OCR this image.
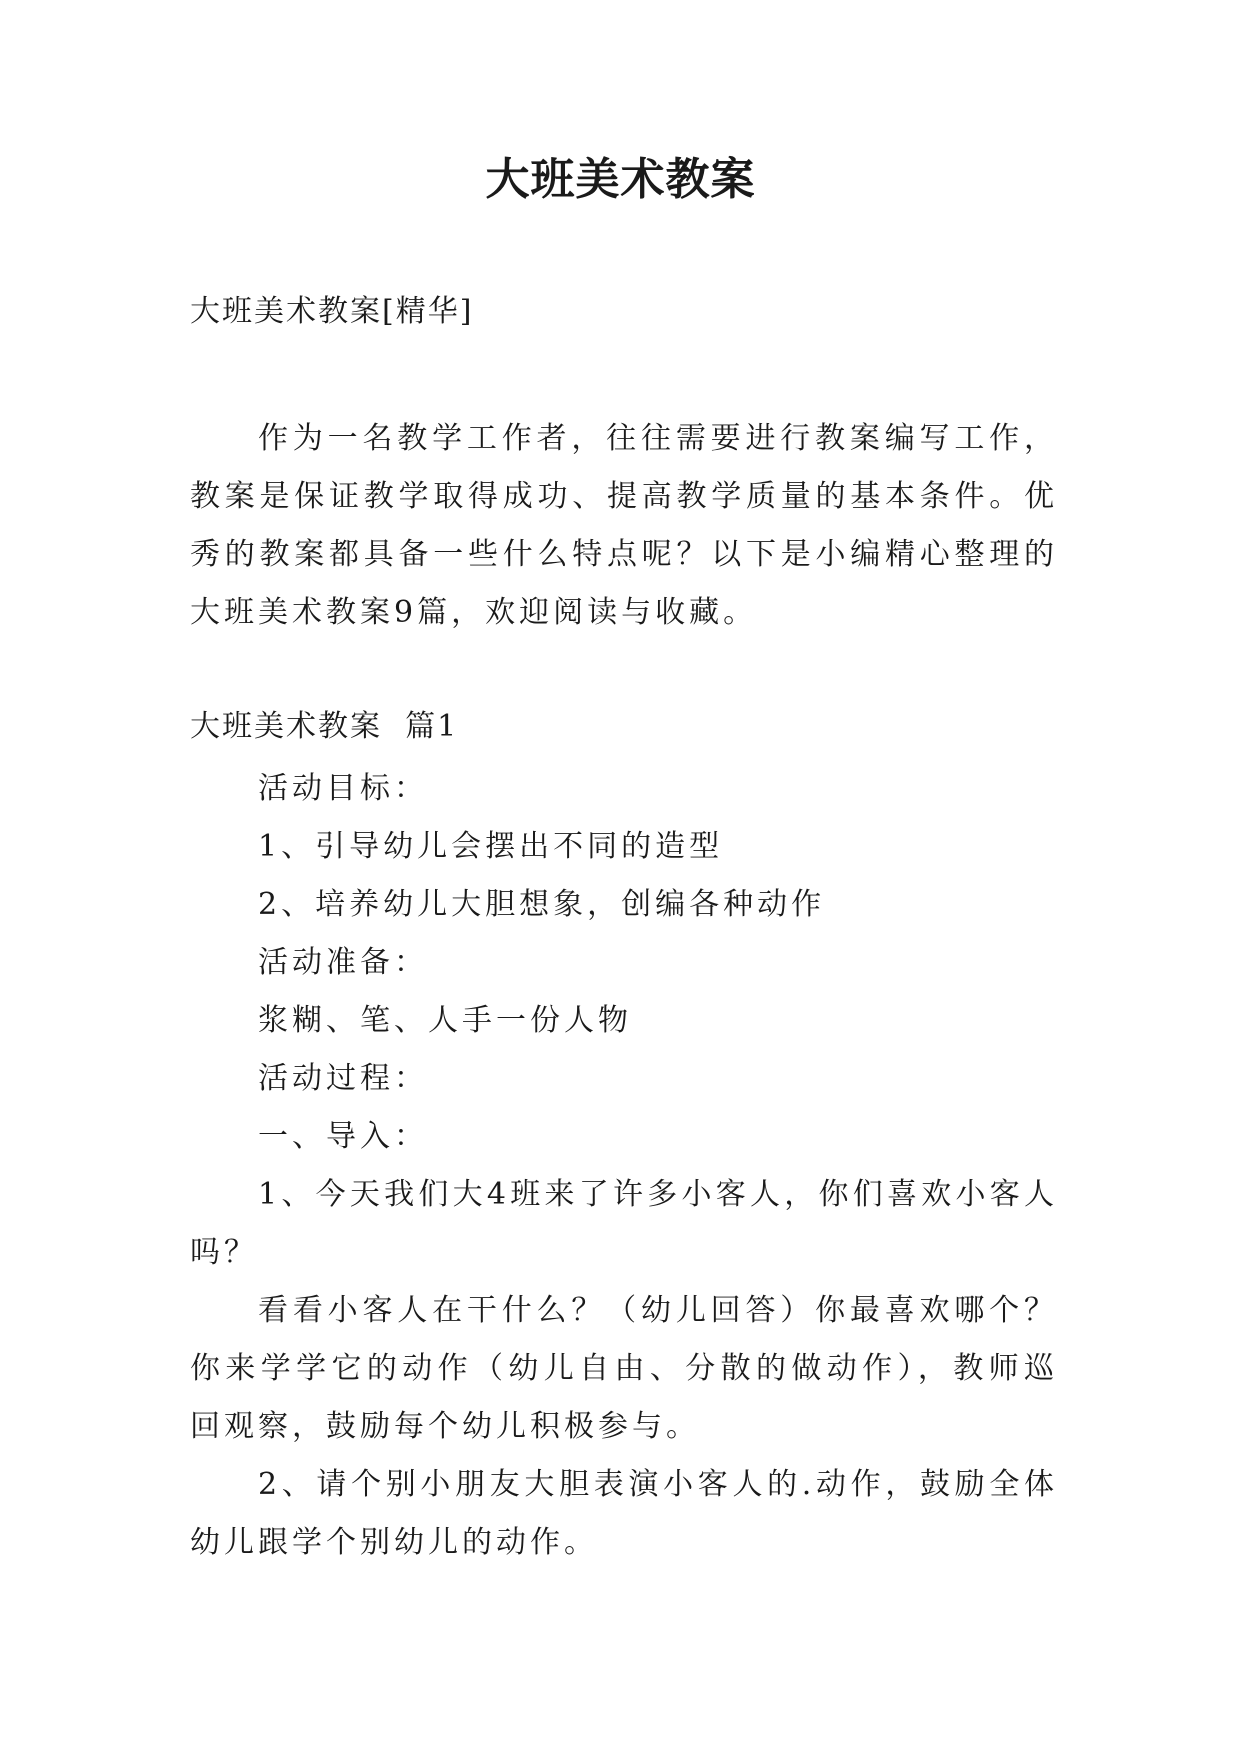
大班美术教案
大班美术教案[精华]

作为一名教学工作者，往往需要进行教案编写工作，教案是保证教学取得成功、提高教学质量的基本条件。优秀的教案都具备一些什么特点呢？以下是小编精心整理的大班美术教案9篇，欢迎阅读与收藏。

大班美术教案  篇1

活动目标：

1、引导幼儿会摆出不同的造型

2、培养幼儿大胆想象，创编各种动作

活动准备：

浆糊、笔、人手一份人物

活动过程：

一、导入：

1、今天我们大4班来了许多小客人，你们喜欢小客人吗？

看看小客人在干什么？（幼儿回答）你最喜欢哪个？你来学学它的动作（幼儿自由、分散的做动作），教师巡回观察，鼓励每个幼儿积极参与。

2、请个别小朋友大胆表演小客人的.动作，鼓励全体幼儿跟学个别幼儿的动作。
